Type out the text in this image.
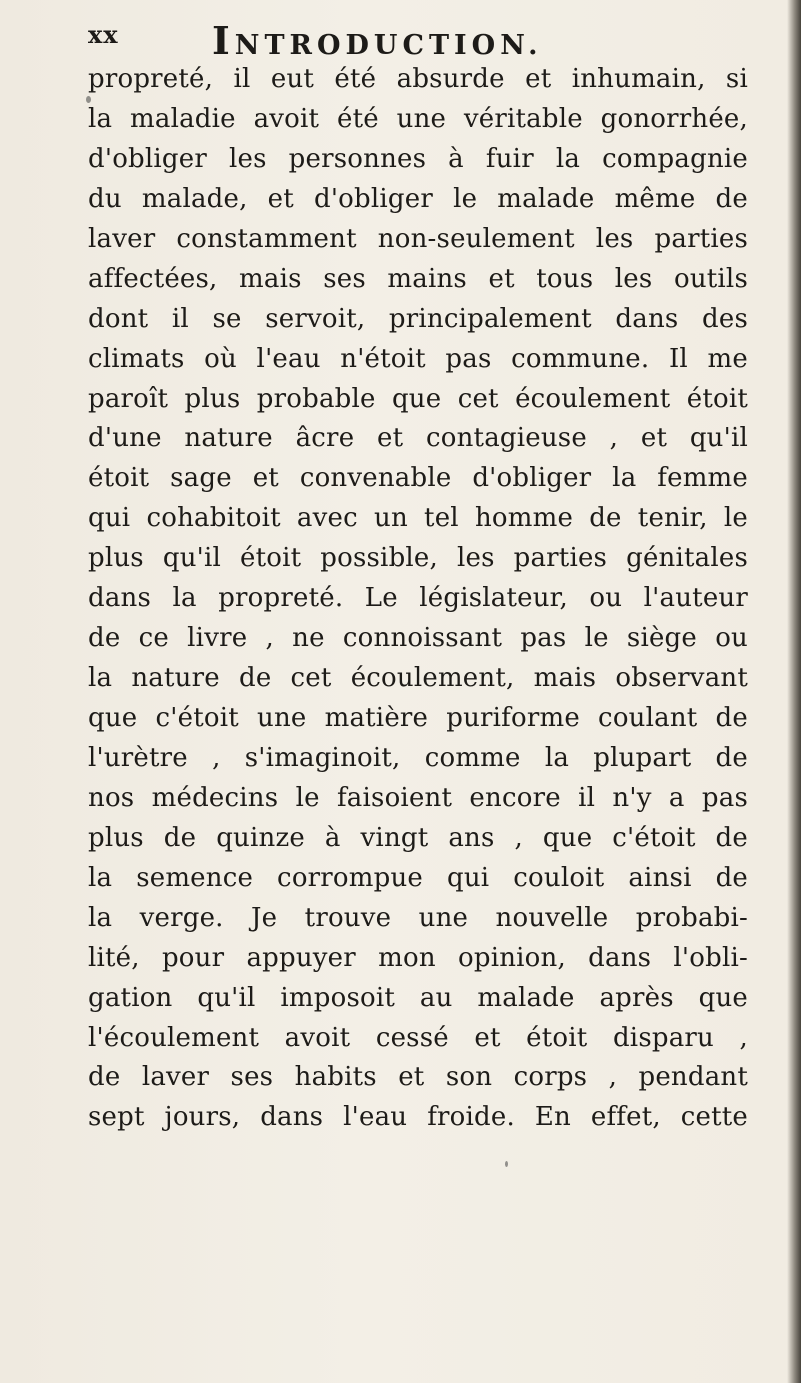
xx INTRODUCTION.
propreté, il eut été absurde et inhumain, si
la maladie avoit été une véritable gonorrhée,
d'obliger les personnes à fuir la compagnie
du malade, et d'obliger le malade même de
laver constamment non-seulement les parties
affectées, mais ses mains et tous les outils
dont il se servoit, principalement dans des
climats où l'eau n'étoit pas commune. Il me
paroît plus probable que cet écoulement étoit
d'une nature âcre et contagieuse , et qu'il
étoit sage et convenable d'obliger la femme
qui cohabitoit avec un tel homme de tenir, le
plus qu'il étoit possible, les parties génitales
dans la propreté. Le législateur, ou l'auteur
de ce livre , ne connoissant pas le siège ou
la nature de cet écoulement, mais observant
que c'étoit une matière puriforme coulant de
l'urètre , s'imaginoit, comme la plupart de
nos médecins le faisoient encore il n'y a pas
plus de quinze à vingt ans , que c'étoit de
la semence corrompue qui couloit ainsi de
la verge. Je trouve une nouvelle probabi-
lité, pour appuyer mon opinion, dans l'obli-
gation qu'il imposoit au malade après que
l'écoulement avoit cessé et étoit disparu ,
de laver ses habits et son corps , pendant
sept jours, dans l'eau froide. En effet, cette
